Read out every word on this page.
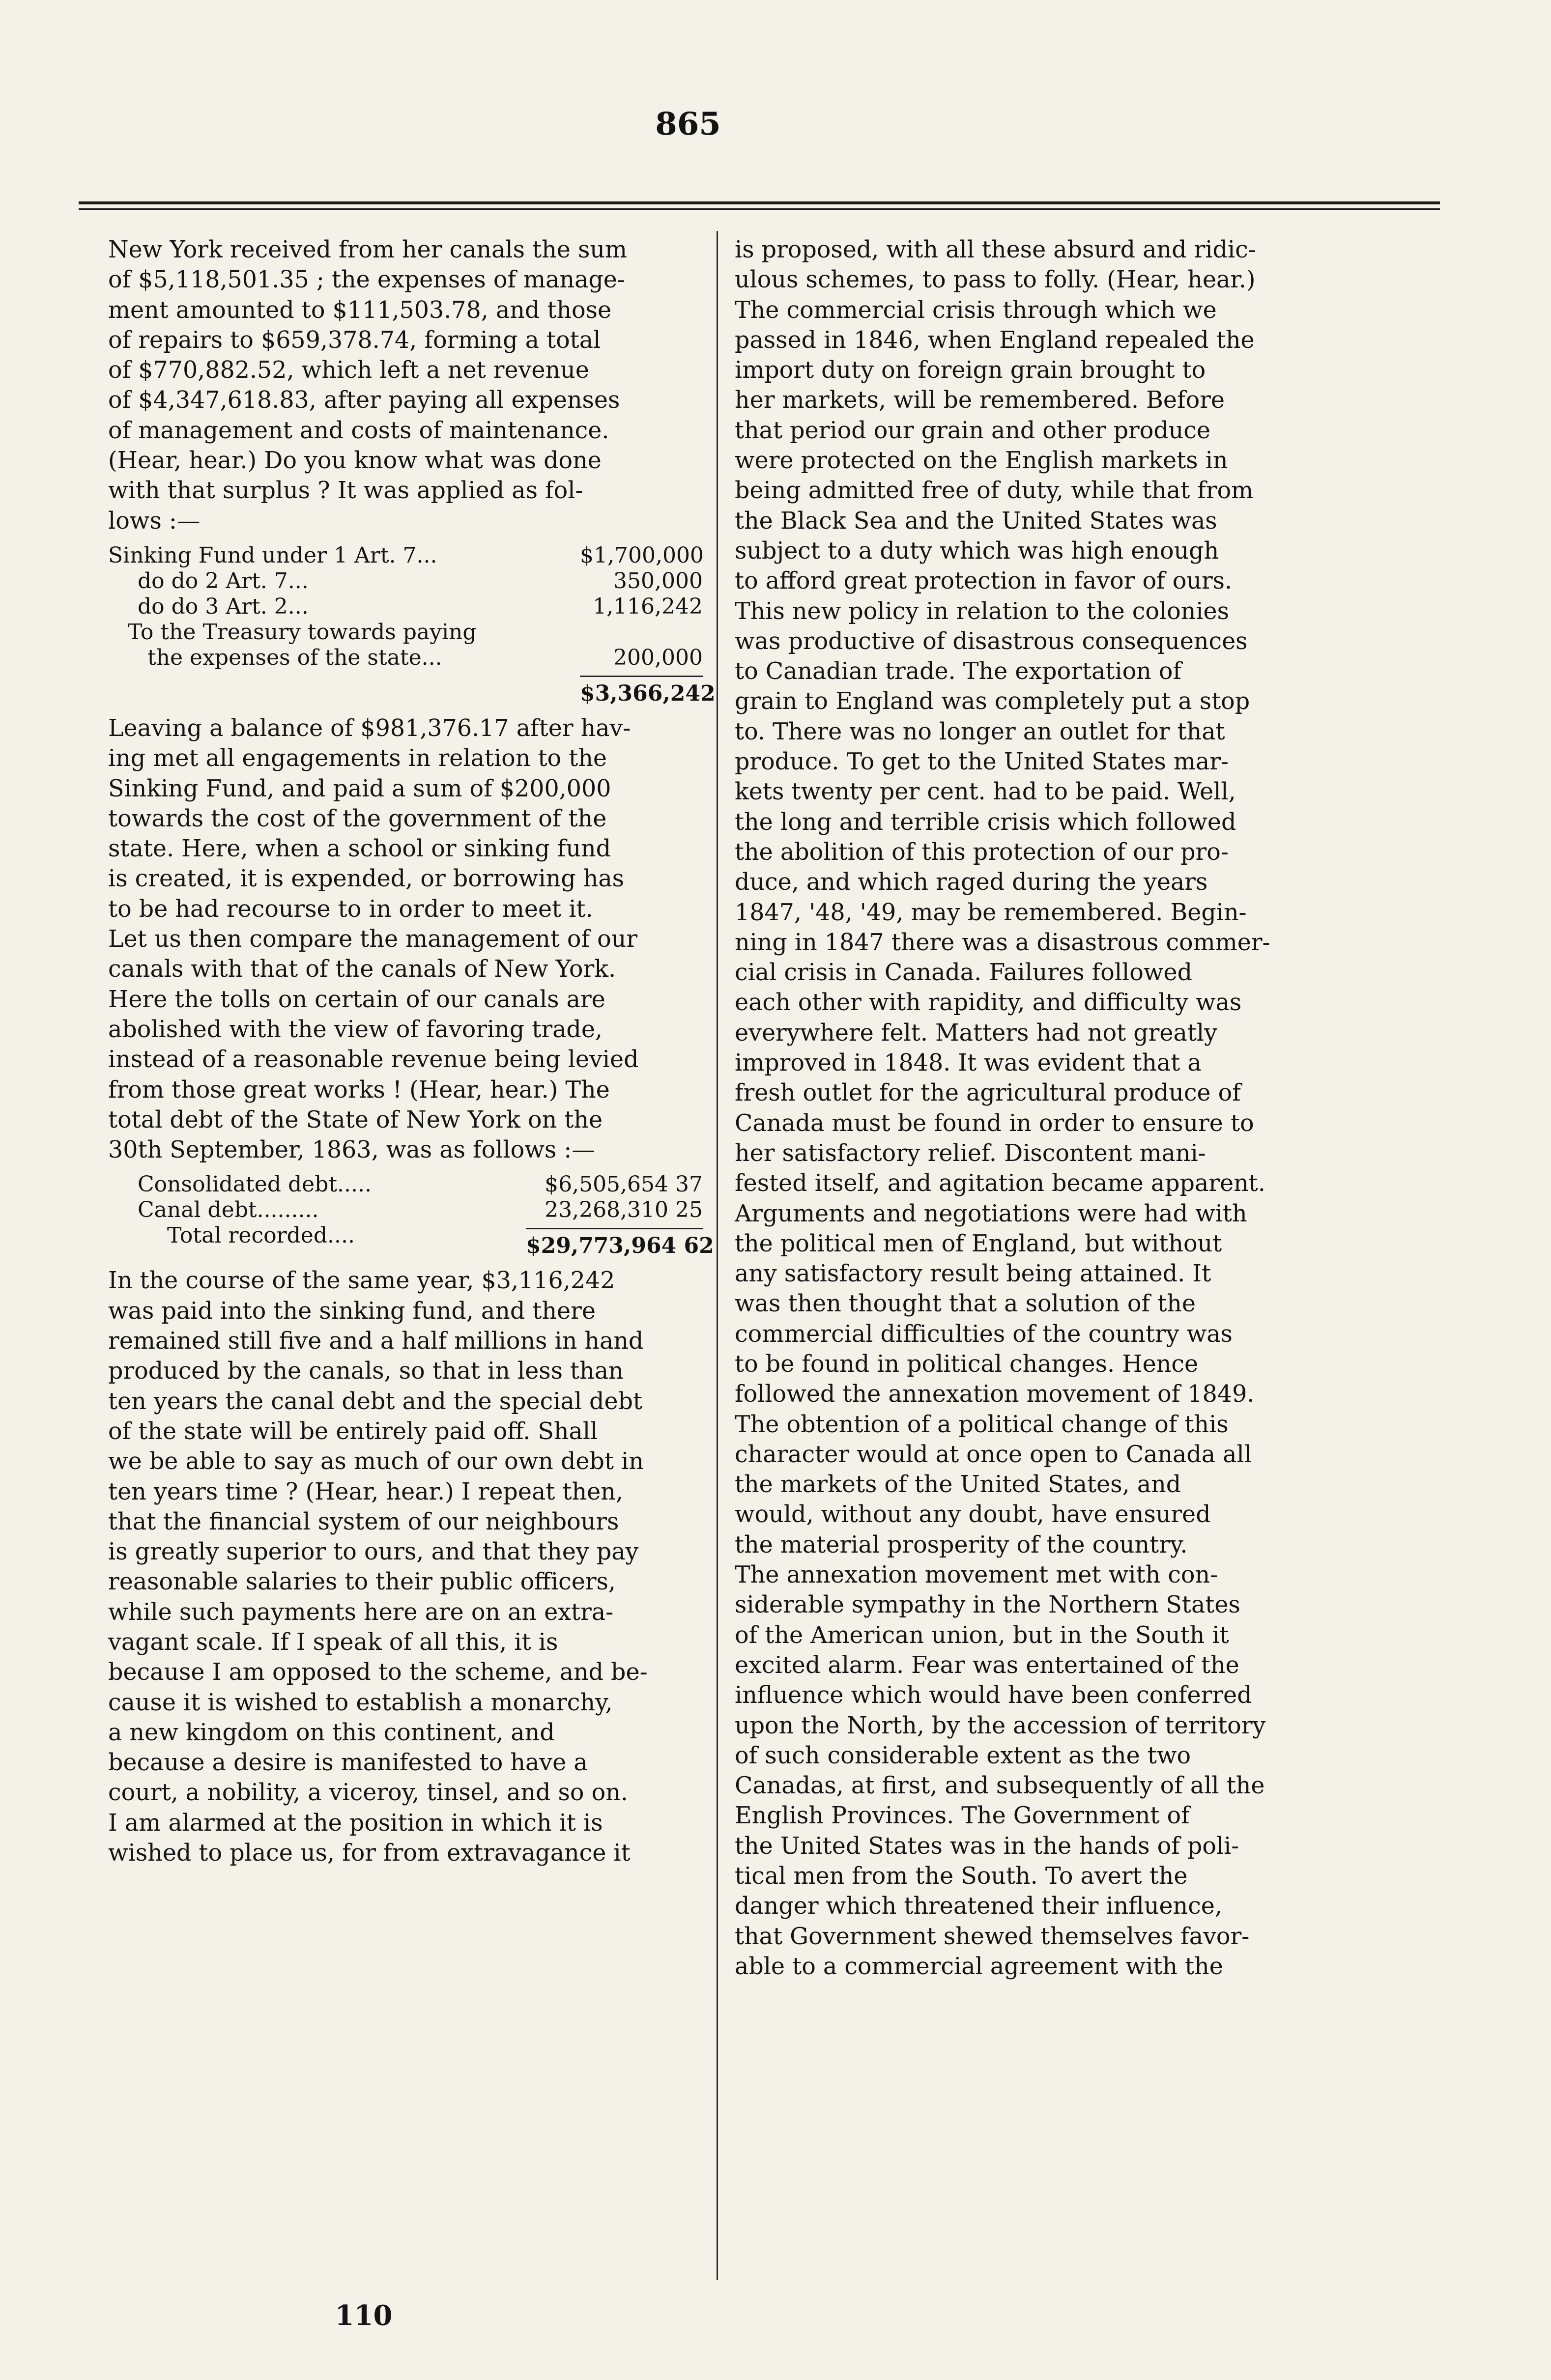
865
New York received from her canals the sum
of $5,118,501.35 ; the expenses of manage-
ment amounted to $111,503.78, and those
of repairs to $659,378.74, forming a total
of $770,882.52, which left a net revenue
of $4,347,618.83, after paying all expenses
of management and costs of maintenance.
(Hear, hear.) Do you know what was done
with that surplus ? It was applied as fol-
lows :—
Sinking Fund under 1 Art. 7...	$1,700,000
do do 2 Art. 7...	350,000
do do 3 Art. 2...	1,116,242
To the Treasury towards paying
the expenses of the state...	200,000
$3,366,242
Leaving a balance of $981,376.17 after hav-
ing met all engagements in relation to the
Sinking Fund, and paid a sum of $200,000
towards the cost of the government of the
state. Here, when a school or sinking fund
is created, it is expended, or borrowing has
to be had recourse to in order to meet it.
Let us then compare the management of our
canals with that of the canals of New York.
Here the tolls on certain of our canals are
abolished with the view of favoring trade,
instead of a reasonable revenue being levied
from those great works ! (Hear, hear.) The
total debt of the State of New York on the
30th September, 1863, was as follows :—
Consolidated debt.....	$6,505,654 37
Canal debt.........	23,268,310 25
Total recorded....	$29,773,964 62
In the course of the same year, $3,116,242
was paid into the sinking fund, and there
remained still five and a half millions in hand
produced by the canals, so that in less than
ten years the canal debt and the special debt
of the state will be entirely paid off. Shall
we be able to say as much of our own debt in
ten years time ? (Hear, hear.) I repeat then,
that the financial system of our neighbours
is greatly superior to ours, and that they pay
reasonable salaries to their public officers,
while such payments here are on an extra-
vagant scale. If I speak of all this, it is
because I am opposed to the scheme, and be-
cause it is wished to establish a monarchy,
a new kingdom on this continent, and
because a desire is manifested to have a
court, a nobility, a viceroy, tinsel, and so on.
I am alarmed at the position in which it is
wished to place us, for from extravagance it
is proposed, with all these absurd and ridic-
ulous schemes, to pass to folly. (Hear, hear.)
The commercial crisis through which we
passed in 1846, when England repealed the
import duty on foreign grain brought to
her markets, will be remembered. Before
that period our grain and other produce
were protected on the English markets in
being admitted free of duty, while that from
the Black Sea and the United States was
subject to a duty which was high enough
to afford great protection in favor of ours.
This new policy in relation to the colonies
was productive of disastrous consequences
to Canadian trade. The exportation of
grain to England was completely put a stop
to. There was no longer an outlet for that
produce. To get to the United States mar-
kets twenty per cent. had to be paid. Well,
the long and terrible crisis which followed
the abolition of this protection of our pro-
duce, and which raged during the years
1847, '48, '49, may be remembered. Begin-
ning in 1847 there was a disastrous commer-
cial crisis in Canada. Failures followed
each other with rapidity, and difficulty was
everywhere felt. Matters had not greatly
improved in 1848. It was evident that a
fresh outlet for the agricultural produce of
Canada must be found in order to ensure to
her satisfactory relief. Discontent mani-
fested itself, and agitation became apparent.
Arguments and negotiations were had with
the political men of England, but without
any satisfactory result being attained. It
was then thought that a solution of the
commercial difficulties of the country was
to be found in political changes. Hence
followed the annexation movement of 1849.
The obtention of a political change of this
character would at once open to Canada all
the markets of the United States, and
would, without any doubt, have ensured
the material prosperity of the country.
The annexation movement met with con-
siderable sympathy in the Northern States
of the American union, but in the South it
excited alarm. Fear was entertained of the
influence which would have been conferred
upon the North, by the accession of territory
of such considerable extent as the two
Canadas, at first, and subsequently of all the
English Provinces. The Government of
the United States was in the hands of poli-
tical men from the South. To avert the
danger which threatened their influence,
that Government shewed themselves favor-
able to a commercial agreement with the
110
